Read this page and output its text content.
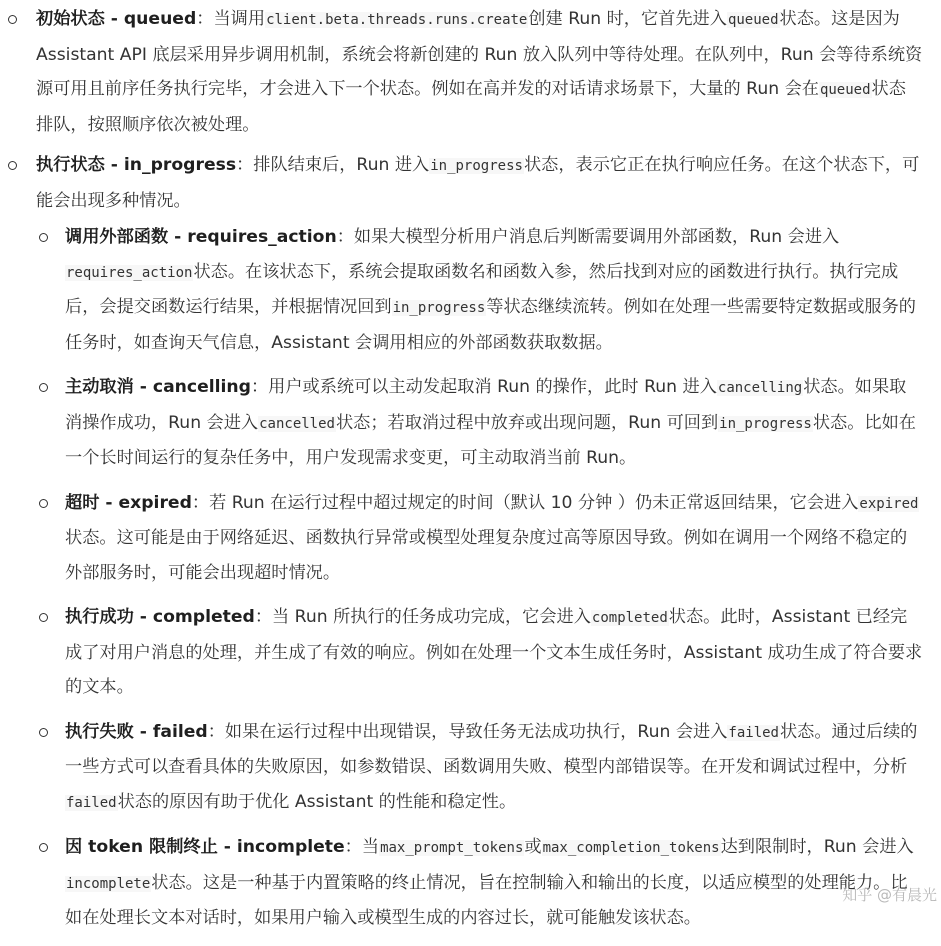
初始状态 - queued：当调用client.beta.threads.runs.create创建 Run 时，它首先进入queued状态。这是因为 Assistant API 底层采用异步调用机制，系统会将新创建的 Run 放入队列中等待处理。在队列中，Run 会等待系统资源可用且前序任务执行完毕，才会进入下一个状态。例如在高并发的对话请求场景下，大量的 Run 会在queued状态排队，按照顺序依次被处理。
执行状态 - in_progress：排队结束后，Run 进入in_progress状态，表示它正在执行响应任务。在这个状态下，可能会出现多种情况。
调用外部函数 - requires_action：如果大模型分析用户消息后判断需要调用外部函数，Run 会进入requires_action状态。在该状态下，系统会提取函数名和函数入参，然后找到对应的函数进行执行。执行完成后，会提交函数运行结果，并根据情况回到in_progress等状态继续流转。例如在处理一些需要特定数据或服务的任务时，如查询天气信息，Assistant 会调用相应的外部函数获取数据。
主动取消 - cancelling：用户或系统可以主动发起取消 Run 的操作，此时 Run 进入cancelling状态。如果取消操作成功，Run 会进入cancelled状态；若取消过程中放弃或出现问题，Run 可回到in_progress状态。比如在一个长时间运行的复杂任务中，用户发现需求变更，可主动取消当前 Run。
超时 - expired：若 Run 在运行过程中超过规定的时间（默认 10 分钟 ）仍未正常返回结果，它会进入expired状态。这可能是由于网络延迟、函数执行异常或模型处理复杂度过高等原因导致。例如在调用一个网络不稳定的外部服务时，可能会出现超时情况。
执行成功 - completed：当 Run 所执行的任务成功完成，它会进入completed状态。此时，Assistant 已经完成了对用户消息的处理，并生成了有效的响应。例如在处理一个文本生成任务时，Assistant 成功生成了符合要求的文本。
执行失败 - failed：如果在运行过程中出现错误，导致任务无法成功执行，Run 会进入failed状态。通过后续的一些方式可以查看具体的失败原因，如参数错误、函数调用失败、模型内部错误等。在开发和调试过程中，分析failed状态的原因有助于优化 Assistant 的性能和稳定性。
因 token 限制终止 - incomplete：当max_prompt_tokens或max_completion_tokens达到限制时，Run 会进入incomplete状态。这是一种基于内置策略的终止情况，旨在控制输入和输出的长度，以适应模型的处理能力。比如在处理长文本对话时，如果用户输入或模型生成的内容过长，就可能触发该状态。
知乎 @有晨光
